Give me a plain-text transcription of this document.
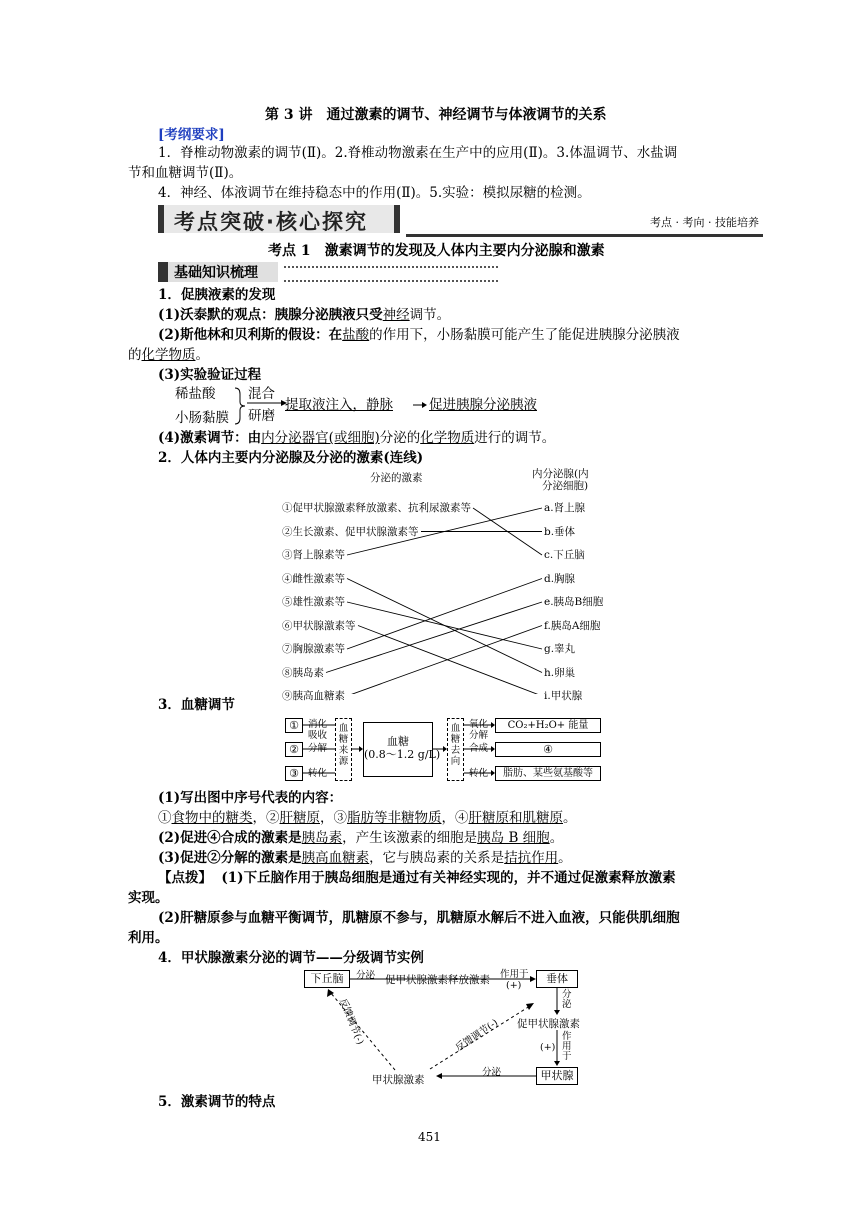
第 3 讲　通过激素的调节、神经调节与体液调节的关系
[考纲要求]
1．脊椎动物激素的调节(Ⅱ)。2.脊椎动物激素在生产中的应用(Ⅱ)。3.体温调节、水盐调
节和血糖调节(Ⅱ)。
4．神经、体液调节在维持稳态中的作用(Ⅱ)。5.实验：模拟尿糖的检测。
考点突破·核心探究	考点 · 考向 · 技能培养
考点 1　激素调节的发现及人体内主要内分泌腺和激素
基础知识梳理
1．促胰液素的发现
(1)沃泰默的观点：胰腺分泌胰液只受神经调节。
(2)斯他林和贝利斯的假设：在盐酸的作用下，小肠黏膜可能产生了能促进胰腺分泌胰液
的化学物质。
(3)实验验证过程
稀盐酸
小肠黏膜
混合
研磨
提取液注入，静脉	促进胰腺分泌胰液
(4)激素调节：由内分泌器官(或细胞)分泌的化学物质进行的调节。
2．人体内主要内分泌腺及分泌的激素(连线)
分泌的激素	内分泌腺(内
分泌细胞)
①促甲状腺激素释放激素、抗利尿激素等
②生长激素、促甲状腺激素等
③肾上腺素等
④雌性激素等
⑤雄性激素等
⑥甲状腺激素等
⑦胸腺激素等
⑧胰岛素
⑨胰高血糖素
a.肾上腺
b.垂体
c.下丘脑
d.胸腺
e.胰岛B细胞
f.胰岛A细胞
g.睾丸
h.卵巢
i.甲状腺
3．血糖调节
①
②
③
消化
吸收
分解
转化
血糖来源
血糖
(0.8～1.2 g/L)
血糖去向
氧化
分解
合成
转化
CO₂+H₂O+ 能量
④
脂肪、某些氨基酸等
(1)写出图中序号代表的内容：
①食物中的糖类，②肝糖原，③脂肪等非糖物质，④肝糖原和肌糖原。
(2)促进④合成的激素是胰岛素，产生该激素的细胞是胰岛 B 细胞。
(3)促进②分解的激素是胰高血糖素，它与胰岛素的关系是拮抗作用。
【点拨】 (1)下丘脑作用于胰岛细胞是通过有关神经实现的，并不通过促激素释放激素
实现。
(2)肝糖原参与血糖平衡调节，肌糖原不参与，肌糖原水解后不进入血液，只能供肌细胞
利用。
4．甲状腺激素分泌的调节——分级调节实例
下丘脑	分泌 促甲状腺激素释放激素 作用于
(+)
垂体
分泌
促甲状腺激素
(+)
作用于
甲状腺
分泌
甲状腺激素
反馈调节(-)	反馈调节(-)
5．激素调节的特点
451
